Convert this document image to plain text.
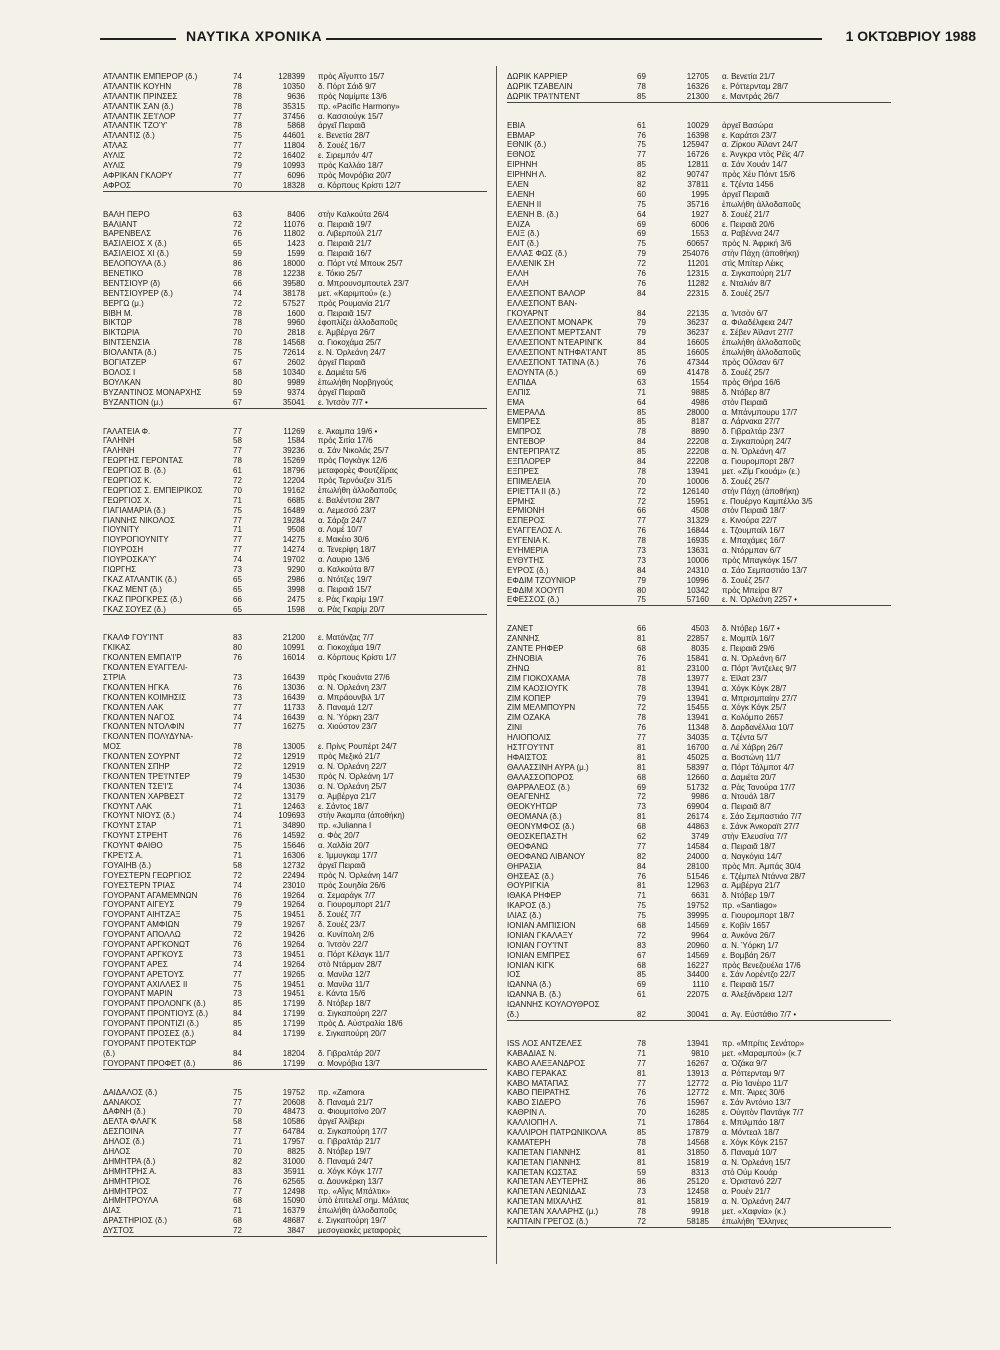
ΝΑΥΤΙΚΑ ΧΡΟΝΙΚΑ	1 ΟΚΤΩΒΡΙΟΥ 1988
ΑΤΛΑΝΤΙΚ ΕΜΠΕΡΟΡ (δ.)	74	128399 πρὸς Αἴγυπτο 15/7
ΑΤΛΑΝΤΙΚ ΚΟΥΗΝ	78	10350 δ. Πόρτ Σάιδ 9/7
ΑΤΛΑΝΤΙΚ ΠΡΙΝΣΕΣ	78	9636 πρὸς Ναμίμπε 13/6
ΑΤΛΑΝΤΙΚ ΣΑΝ (δ.)	78	35315 πρ. «Pacific Harmony»
ΑΤΛΑΝΤΙΚ ΣΕ'Ι'ΛΟΡ	77	37456 α. Κασσιούγκ 15/7
ΑΤΛΑΝΤΙΚ ΤΖΟ'Υ'	78	5868 ἀργεῖ Πειραιᾶ
ΑΤΛΑΝΤΙΣ (δ.)	75	44601 ε. Βενετία 28/7
ΑΤΛΑΣ	77	11804 δ. Σουέζ 16/7
ΑΥΛΙΣ	72	16402 ε. Σιρεμπόν 4/7
ΑΥΛΙΣ	79	10993 πρὸς Καλλάο 18/7
ΑΦΡΙΚΑΝ ΓΚΛΟΡΥ	77	6096 πρὸς Μονρόβια 20/7
ΑΦΡΟΣ	70	18328 α. Κόρπους Κρίστι 12/7
ΒΑΛΗ ΠΕΡΟ	63	8406 στὴν Καλκούτα 26/4
ΒΑΛΙΑΝΤ	72	11076 α. Πειραιᾶ 19/7
ΒΑΡΕΝΒΕΛΣ	76	11802 α. Λιβερπούλ 21/7
ΒΑΣΙΛΕΙΟΣ Χ (δ.)	65	1423 α. Πειραιᾶ 21/7
ΒΑΣΙΛΕΙΟΣ ΧΙ (δ.)	59	1599 α. Πειραιᾶ 16/7
ΒΕΛΟΠΟΥΛΑ (δ.)	86	18000 α. Πόρτ ντέ Μπουκ 25/7
ΒΕΝΕΤΙΚΟ	78	12238 ε. Τόκιο 25/7
ΒΕΝΤΣΙΟΥΡ (δ)	66	39580 α. Μπρουνσμπουτελ 23/7
ΒΕΝΤΣΙΟΥΡΕΡ (δ.)	74	38178 μετ. «Καριμπού» (ε.)
ΒΕΡΓΩ (μ.)	72	57527 πρὸς Ρουμανία 21/7
ΒΙΒΗ Μ.	78	1600 α. Πειραιᾶ 15/7
ΒΙΚΤΩΡ	78	9960 ἐφοπλίζει ἀλλοδαποῦς
ΒΙΚΤΩΡΙΑ	70	2818 ε. Ἀμβέργα 26/7
ΒΙΝΤΣΕΝΣΙΑ	78	14568 α. Γιοκοχάμα 25/7
ΒΙΟΛΑΝΤΑ (δ.)	75	72614 ε. Ν. Ὀρλεάνη 24/7
ΒΟΓΙΑΤΖΕΡ	67	2602 ἀργεῖ Πειραιᾶ
ΒΟΛΟΣ Ι	58	10340 ε. Δαμιέτα 5/6
ΒΟΥΛΚΑΝ	80	9989 ἐπωλήθη Νορβηγούς
ΒΥΖΑΝΤΙΝΟΣ ΜΟΝΑΡΧΗΣ	59	9374 ἀργεῖ Πειραιᾶ
ΒΥΖΑΝΤΙΟΝ (μ.)	67	35041 ε. Ἰντσὸν 7/7 •
ΓΑΛΑΤΕΙΑ Φ.	77	11269 ε. Ἀκαμπα 19/6 •
ΓΑΛΗΝΗ	58	1584 πρὸς Σιτία 17/6
ΓΑΛΗΝΗ	77	39236 α. Σάν Νικολάς 25/7
ΓΕΩΡΓΗΣ ΓΕΡΟΝΤΑΣ	78	15269 πρὸς Πογκὰγκ 12/6
ΓΕΩΡΓΙΟΣ Β. (δ.)	61	18796 μεταφορὲς Φουτζέϊρας
ΓΕΩΡΓΙΟΣ Κ.	72	12204 πρὸς Τερνόυζεν 31/5
ΓΕΩΡΓΙΟΣ Σ. ΕΜΠΕΙΡΙΚΟΣ	70	19162 ἐπωλήθη ἀλλοδαποῦς
ΓΕΩΡΓΙΟΣ Χ.	71	6685 ε. Βαλέντσια 28/7
ΓΙΑΓΙΑΜΑΡΙΑ (δ.)	75	16489 α. Λεμεσσό 23/7
ΓΙΑΝΝΗΣ ΝΙΚΟΛΟΣ	77	19284 α. Σάρζα 24/7
ΓΙΟΥΝΙΤΥ	71	9508 α. Λομέ 10/7
ΓΙΟΥΡΟΓΙΟΥΝΙΤΥ	77	14275 ε. Μακέιο 30/6
ΓΙΟΥΡΟΣΗ	77	14274 α. Τενερίφη 18/7
ΓΙΟΥΡΟΣΚΑ'Υ'	74	19702 α. Λαυριο 13/6
ΓΙΩΡΓΗΣ	73	9290 α. Καλκούτα 8/7
ΓΚΑΖ ΑΤΛΑΝΤΙΚ (δ.)	65	2986 α. Ντότζες 19/7
ΓΚΑΖ ΜΕΝΤ (δ.)	65	3998 α. Πειραιᾶ 15/7
ΓΚΑΖ ΠΡΟΓΚΡΕΣ (δ.)	66	2475 ε. Ρὰς Γκαρίμ 19/7
ΓΚΑΖ ΣΟΥΕΖ (δ.)	65	1598 α. Ρὰς Γκαρίμ 20/7
ΓΚΑΛΦ ΓΟΥ'Ι'ΝΤ	83	21200 ε. Ματάνζας 7/7
ΓΚΙΚΑΣ	80	10991 α. Γιοκοχάμα 19/7
ΓΚΟΛΝΤΕΝ ΕΜΠΑ'Ι'Ρ	76	16014 α. Κόρπους Κρίστι 1/7
ΓΚΟΛΝΤΕΝ ΕΥΑΓΓΕΛΙ-
ΣΤΡΙΑ	73	16439 πρὸς Γκουάντα 27/6
ΓΚΟΛΝΤΕΝ ΗΓΚΑ	76	13036 α. Ν. Ὀρλεάνη 23/7
ΓΚΟΛΝΤΕΝ ΚΟΙΜΗΣΙΣ	73	16439 α. Μπράουνβιλ 1/7
ΓΚΟΛΝΤΕΝ ΛΑΚ	77	11733 δ. Παναμά 12/7
ΓΚΟΛΝΤΕΝ ΝΑΓΟΣ	74	16439 α. Ν. Ὑόρκη 23/7
ΓΚΟΛΝΤΕΝ ΝΤΟΛΦΙΝ	77	16275 α. Χιούστον 23/7
ΓΚΟΛΝΤΕΝ ΠΟΛΥΔΥΝΑ-
ΜΟΣ	78	13005 ε. Πρίνς Ρουπέρτ 24/7
ΓΚΟΛΝΤΕΝ ΣΟΥΡΝΤ	72	12919 πρὸς Μεξικό 21/7
ΓΚΟΛΝΤΕΝ ΣΠΗΡ	72	12919 α. Ν. Ὀρλεάνη 22/7
ΓΚΟΛΝΤΕΝ ΤΡΕ'Ι'ΝΤΕΡ	79	14530 πρὸς Ν. Ὀρλεάνη 1/7
ΓΚΟΛΝΤΕΝ ΤΣΕ'Ι'Σ	74	13036 α. Ν. Ὀρλεάνη 25/7
ΓΚΟΛΝΤΕΝ ΧΑΡΒΕΣΤ	72	13179 α. Ἀμβέργα 21/7
ΓΚΟΥΝΤ ΛΑΚ	71	12463 ε. Σάντος 18/7
ΓΚΟΥΝΤ ΝΙΟΥΣ (δ.)	74	109693 στὴν Ἀκαμπα (ἀποθήκη)
ΓΚΟΥΝΤ ΣΤΑΡ	71	34890 πρ. «Julianna I
ΓΚΟΥΝΤ ΣΤΡΕΗΤ	76	14592 α. Φὸς 20/7
ΓΚΟΥΝΤ ΦΑΙΘΟ	75	15646 α. Χαλδία 20/7
ΓΚΡΕ'Ι'Σ Α.	71	16306 ε. Ἰμμυγκαμ 17/7
ΓΟΥΑΙΗΒ (δ.)	58	12732 ἀργεῖ Πειραιᾶ
ΓΟΥΕΣΤΕΡΝ ΓΕΩΡΓΙΟΣ	72	22494 πρὸς Ν. Ὀρλεάνη 14/7
ΓΟΥΕΣΤΕΡΝ ΤΡΙΑΣ	74	23010 πρὸς Σουηδία 26/6
ΓΟΥΟΡΑΝΤ ΑΓΑΜΕΜΝΩΝ	76	19264 α. Σεμαράγκ 7/7
ΓΟΥΟΡΑΝΤ ΑΙΓΕΥΣ	79	19264 α. Γιουρομπορτ 21/7
ΓΟΥΟΡΑΝΤ ΑΙΗΤΖΑΞ	75	19451 δ. Σουέζ 7/7
ΓΟΥΟΡΑΝΤ ΑΜΦΙΩΝ	79	19267 δ. Σουέζ 23/7
ΓΟΥΟΡΑΝΤ ΑΠΟΛΛΩ	72	19426 α. Κυνίπολη 2/6
ΓΟΥΟΡΑΝΤ ΑΡΓΚΟΝΩΤ	76	19264 α. Ἰντσὸν 22/7
ΓΟΥΟΡΑΝΤ ΑΡΓΚΟΥΣ	73	19451 α. Πόρτ Κέλαγκ 11/7
ΓΟΥΟΡΑΝΤ ΑΡΕΣ	74	19264 στὸ Ντάρμαν 28/7
ΓΟΥΟΡΑΝΤ ΑΡΕΤΟΥΣ	77	19265 α. Μανίλα 12/7
ΓΟΥΟΡΑΝΤ ΑΧΙΛΛΕΣ ΙΙ	75	19451 α. Μανίλα 11/7
ΓΟΥΟΡΑΝΤ ΜΑΡΙΝ	73	19451 ε. Κάντα 15/6
ΓΟΥΟΡΑΝΤ ΠΡΟΛΟΝΓΚ (δ.)	85	17199 δ. Ντόβερ 18/7
ΓΟΥΟΡΑΝΤ ΠΡΟΝΤΙΟΥΣ (δ.)	84	17199 α. Σιγκαπούρη 22/7
ΓΟΥΟΡΑΝΤ ΠΡΟΝΤΙΖΙ (δ.)	85	17199 πρὸς Δ. Αὐστραλία 18/6
ΓΟΥΟΡΑΝΤ ΠΡΟΣΕΣ (δ.)	84	17199 ε. Σιγκαπούρη 20/7
ΓΟΥΟΡΑΝΤ ΠΡΟΤΕΚΤΩΡ
(δ.)	84	18204 δ. Γιβραλτάρ 20/7
ΓΟΥΟΡΑΝΤ ΠΡΟΦΕΤ (δ.)	86	17199 α. Μονρόβια 13/7
ΔΑΙΔΑΛΟΣ (δ.)	75	19752 πρ. «Zamora
ΔΑΝΑΚΟΣ	77	20608 δ. Παναμά 21/7
ΔΑΦΝΗ (δ.)	70	48473 α. Φιουμιτσίνο 20/7
ΔΕΛΤΑ ΦΛΑΓΚ	58	10586 ἀργεῖ Ἀλίβερι
ΔΕΣΠΟΙΝΑ	77	64784 α. Σιγκαπούρη 17/7
ΔΗΛΟΣ (δ.)	71	17957 α. Γιβραλτάρ 21/7
ΔΗΛΟΣ	70	8825 δ. Ντόβερ 19/7
ΔΗΜΗΤΡΑ (δ.)	82	31000 δ. Παναμά 24/7
ΔΗΜΗΤΡΗΣ Α.	83	35911 α. Χόγκ Κόγκ 17/7
ΔΗΜΗΤΡΙΟΣ	76	62565 α. Δουνκέρκη 13/7
ΔΗΜΗΤΡΟΣ	77	12498 πρ. «Αἴγις Μπάλτικ»
ΔΗΜΗΤΡΟΥΛΑ	68	15090 ὑπὸ ἐπιτελεῖ σημ. Μάλτας
ΔΙΑΣ	71	16379 ἐπωλήθη ἀλλοδαποῦς
ΔΡΑΣΤΗΡΙΟΣ (δ.)	68	48687 ε. Σιγκαπούρη 19/7
ΔΥΣΤΟΣ	72	3847 μεσογειακὲς μεταφορὲς
ΔΩΡΙΚ ΚΑΡΡΙΕΡ	69	12705 α. Βενετία 21/7
ΔΩΡΙΚ ΤΖΑΒΕΛΙΝ	78	16326 ε. Ρόττερνταμ 28/7
ΔΩΡΙΚ ΤΡΑ'Ι'ΝΤΕΝΤ	85	21300 ε. Μαντράς 26/7
ΕΒΙΑ	61	10029 ἀργεῖ Βασώρα
ΕΒΜΑΡ	76	16398 ε. Καράτσι 23/7
ΕΘΝΙΚ (δ.)	75	125947 α. Ζίρκου Ἀϊλαντ 24/7
ΕΘΝΟΣ	77	16726 ε. Ἀνγκρα ντὸς Ρέϊς 4/7
ΕΙΡΗΝΗ	85	12811 α. Σάν Χουάν 14/7
ΕΙΡΗΝΗ Λ.	82	90747 πρὸς Χέυ Πόιντ 15/6
ΕΛΕΝ	82	37811 ε. Τζέντα 1456
ΕΛΕΝΗ	60	1995 ἀργεῖ Πειραιᾶ
ΕΛΕΝΗ ΙΙ	75	35716 ἐπωλήθη ἀλλοδαποῦς
ΕΛΕΝΗ Β. (δ.)	64	1927 δ. Σουέζ 21/7
ΕΛΙΖΑ	69	6006 ε. Πειραιᾶ 20/6
ΕΛΙΞ (δ.)	69	1553 α. Ραβέννα 24/7
ΕΛΙΤ (δ.)	75	60657 πρὸς Ν. Ἀφρική 3/6
ΕΛΛΑΣ ΦΩΣ (δ.)	79	254076 στὴν Πάχη (ἀποθήκη)
ΕΛΛΕΝΙΚ ΣΗ	72	11201 στὶς Μπίτερ Λέικς
ΕΛΛΗ	76	12315 α. Σιγκαπούρη 21/7
ΕΛΛΗ	76	11282 ε. Νταλιάν 8/7
ΕΛΛΕΣΠΟΝΤ ΒΑΛΟΡ	84	22315 δ. Σουέζ 25/7
ΕΛΛΕΣΠΟΝΤ ΒΑΝ-
ΓΚΟΥΑΡΝΤ	84	22135 α. Ἰντσὸν 6/7
ΕΛΛΕΣΠΟΝΤ ΜΟΝΑΡΚ	79	36237 α. Φιλαδέλφεια 24/7
ΕΛΛΕΣΠΟΝΤ ΜΕΡΤΣΑΝΤ	79	36237 ε. Σέβεν Ἀϊλαντ 27/7
ΕΛΛΕΣΠΟΝΤ ΝΤΕΑΡΙΝΓΚ	84	16605 ἐπωλήθη ἀλλοδαποῦς
ΕΛΛΕΣΠΟΝΤ ΝΤΗΦΑ'Ι'ΑΝΤ	85	16605 ἐπωλήθη ἀλλοδαποῦς
ΕΛΛΕΣΠΟΝΤ ΤΑΤΙΝΑ (δ.)	76	47344 πρὸς Οὔλσαν 6/7
ΕΛΟΥΝΤΑ (δ.)	69	41478 δ. Σουέζ 25/7
ΕΛΠΙΔΑ	63	1554 πρὸς Θήρα 16/6
ΕΛΠΙΣ	71	9885 δ. Ντόβερ 8/7
ΕΜΑ	64	4986 στὸν Πειραιᾶ
ΕΜΕΡΑΛΔ	85	28000 α. Μπάνμπουρυ 17/7
ΕΜΠΡΕΣ	85	8187 α. Λάρνακα 27/7
ΕΜΠΡΟΣ	78	8890 δ. Γιβραλτάρ 23/7
ΕΝΤΕΒΟΡ	84	22208 α. Σιγκαπούρη 24/7
ΕΝΤΕΡΠΡΑ'Ι'Ζ	85	22208 α. Ν. Ὀρλεάνη 4/7
ΕΞΠΛΟΡΕΡ	84	22208 α. Γιουρομπορτ 28/7
ΕΞΠΡΕΣ	78	13941 μετ. «Ζίμ Γκουάμ» (ε.)
ΕΠΙΜΕΛΕΙΑ	70	10006 δ. Σουέζ 25/7
ΕΡΙΕΤΤΑ ΙΙ (δ.)	72	126140 στὴν Πάχη (ἀποθήκη)
ΕΡΜΗΣ	72	15951 ε. Πουέργο Καμπέλλο 3/5
ΕΡΜΙΟΝΗ	66	4508 στὸν Πειραιᾶ 18/7
ΕΣΠΕΡΟΣ	77	31329 ε. Κινούρα 22/7
ΕΥΑΓΓΕΛΟΣ Λ.	76	16844 ε. Τζουμπαϊλ 16/7
ΕΥΓΕΝΙΑ Κ.	78	16935 ε. Μπαχάμες 16/7
ΕΥΗΜΕΡΙΑ	73	13631 α. Ντόρμπαν 6/7
ΕΥΘΥΤΗΣ	73	10006 πρὸς Μπαγκόγκ 15/7
ΕΥΡΟΣ (δ.)	84	24310 α. Σάο Σεμπαστιάο 13/7
ΕΦΔΙΜ ΤΖΟΥΝΙΟΡ	79	10996 δ. Σουέζ 25/7
ΕΦΔΙΜ ΧΟΟΥΠ	80	10342 πρὸς Μπείρα 8/7
ΕΦΕΣΣΟΣ (δ.)	75	57160 ε. Ν. Ὀρλεάνη 2257 •
ΖΑΝΕΤ	66	4503 δ. Ντόβερ 16/7 •
ΖΑΝΝΗΣ	81	22857 ε. Μομπίλ 16/7
ΖΑΝΤΕ ΡΗΦΕΡ	68	8035 ε. Πειραιᾶ 29/6
ΖΗΝΟΒΙΑ	76	15841 α. Ν. Ὀρλεάνη 6/7
ΖΗΝΩ	81	23100 α. Πόρτ Ἄντζελες 9/7
ΖΙΜ ΓΙΟΚΟΧΑΜΑ	78	13977 ε. Ἐϊλατ 23/7
ΖΙΜ ΚΑΟΣΙΟΥΓΚ	78	13941 α. Χόγκ Κόγκ 28/7
ΖΙΜ ΚΟΠΕΡ	79	13941 α. Μπρισμπαίην 27/7
ΖΙΜ ΜΕΛΜΠΟΥΡΝ	72	15455 α. Χόγκ Κόγκ 25/7
ΖΙΜ ΟΖΑΚΑ	78	13941 α. Κολόμπο 2657
ΖΙΝΙ	76	11348 δ. Δαρδανέλλια 10/7
ΗΛΙΟΠΟΛΙΣ	77	34035 α. Τζέντα 5/7
ΗΣΤΓΟΥ'Ι'ΝΤ	81	16700 α. Λέ Χάβρη 26/7
ΗΦΑΙΣΤΟΣ	81	45025 α. Βοστώνη 11/7
ΘΑΛΑΣΣΙΝΗ ΑΥΡΑ (μ.)	81	58397 α. Πόρτ Τάλμποτ 4/7
ΘΑΛΑΣΣΟΠΟΡΟΣ	68	12660 α. Δαμιέτα 20/7
ΘΑΡΡΑΛΕΟΣ (δ.)	69	51732 α. Ρὰς Τανούρα 17/7
ΘΕΑΓΕΝΗΣ	72	9986 α. Ντουάλ 18/7
ΘΕΟΚΥΗΤΩΡ	73	69904 α. Πειραιᾶ 8/7
ΘΕΟΜΑΝΑ (δ.)	81	26174 ε. Σάο Σεμπαστιάο 7/7
ΘΕΟΝΥΜΦΟΣ (δ.)	68	44863 ε. Σάνκ Ἀνκοραϊτ 27/7
ΘΕΟΣΚΕΠΑΣΤΗ	62	3749 στὴν Ἐλευσίνα 7/7
ΘΕΟΦΑΝΩ	77	14584 α. Πειραιᾶ 18/7
ΘΕΟΦΑΝΩ ΛΙΒΑΝΟΥ	82	24000 α. Ναγκόγια 14/7
ΘΗΡΑΣΙΑ	84	28100 πρὸς Μπ. Ἀμπάς 30/4
ΘΗΣΕΑΣ (δ.)	76	51546 ε. Τζέμπελ Ντάννα 28/7
ΘΟΥΡΙΓΚΙΑ	81	12963 α. Ἀμβέργα 21/7
ΙΘΑΚΑ ΡΗΦΕΡ	71	6631 δ. Ντόβερ 19/7
ΙΚΑΡΟΣ (δ.)	75	19752 πρ. «Santiago»
ΙΛΙΑΣ (δ.)	75	39995 α. Γιουρομπορτ 18/7
ΙΟΝΙΑΝ ΑΜΠΙΣΙΟΝ	68	14569 ε. Κοβίν 1657
ΙΟΝΙΑΝ ΓΚΑΛΑΞΥ	72	9964 α. Ἀνκόνα 26/7
ΙΟΝΙΑΝ ΓΟΥ'Ι'ΝΤ	83	20960 α. Ν. Ὑόρκη 1/7
ΙΟΝΙΑΝ ΕΜΠΡΕΣ	67	14569 ε. Βομβάη 26/7
ΙΟΝΙΑΝ ΚΙΓΚ	68	16227 πρὸς Βενεζουέλα 17/6
ΙΟΣ	85	34400 ε. Σάν Λορέντζο 22/7
ΙΩΑΝΝΑ (δ.)	69	1110 ε. Πειραιᾶ 15/7
ΙΩΑΝΝΑ Β. (δ.)	61	22075 α. Ἀλεξάνδρεια 12/7
ΙΩΑΝΝΗΣ ΚΟΥΛΟΥΘΡΟΣ
(δ.)	82	30041 α. Ἁγ. Εὐστάθιο 7/7 •
ISS ΛΟΣ ΑΝΤΖΕΛΕΣ	78	13941 πρ. «Μπρίτις Σενάτορ»
ΚΑΒΑΔΙΑΣ Ν.	71	9810 μετ. «Μαραμπού» (κ.7
ΚΑΒΟ ΑΛΕΞΑΝΔΡΟΣ	77	16267 α. Ὀζάκα 9/7
ΚΑΒΟ ΓΕΡΑΚΑΣ	81	13913 α. Ρόττερνταμ 9/7
ΚΑΒΟ ΜΑΤΑΠΑΣ	77	12772 α. Ρίο Ἰανέιρο 11/7
ΚΑΒΟ ΠΕΙΡΑΤΗΣ	76	12772 ε. Μπ. Ἄιρες 30/6
ΚΑΒΟ ΣΙΔΕΡΟ	76	15967 ε. Σάν Ἀντόνιο 13/7
ΚΑΘΡΙΝ Λ.	70	16285 ε. Οὐγιτὸν Παντάγκ 7/7
ΚΑΛΛΙΟΠΗ Λ.	71	17864 ε. Μπιλμπάο 18/7
ΚΑΛΛΙΡΟΗ ΠΑΤΡΩΝΙΚΟΛΑ	85	17879 α. Μόντεαλ 18/7
ΚΑΜΑΤΕΡΗ	78	14568 ε. Χόγκ Κόγκ 2157
ΚΑΠΕΤΑΝ ΓΙΑΝΝΗΣ	81	31850 δ. Παναμά 10/7
ΚΑΠΕΤΑΝ ΓΙΑΝΝΗΣ	81	15819 α. Ν. Ὀρλεάνη 15/7
ΚΑΠΕΤΑΝ ΚΩΣΤΑΣ	59	8313 στὸ Οὐμ Κουάρ
ΚΑΠΕΤΑΝ ΛΕΥΤΕΡΗΣ	86	25120 ε. Ὀριστανό 22/7
ΚΑΠΕΤΑΝ ΛΕΩΝΙΔΑΣ	73	12458 α. Ρουέν 21/7
ΚΑΠΕΤΑΝ ΜΙΧΑΛΗΣ	81	15819 α. Ν. Ὀρλεάνη 24/7
ΚΑΠΕΤΑΝ ΧΑΛΑΡΗΣ (μ.)	78	9918 μετ. «Χαφνία» (κ.)
ΚΑΠΤΑΙΝ ΓΡΕΓΟΣ (δ.)	72	58185 ἐπωλήθη Ἕλληνες
